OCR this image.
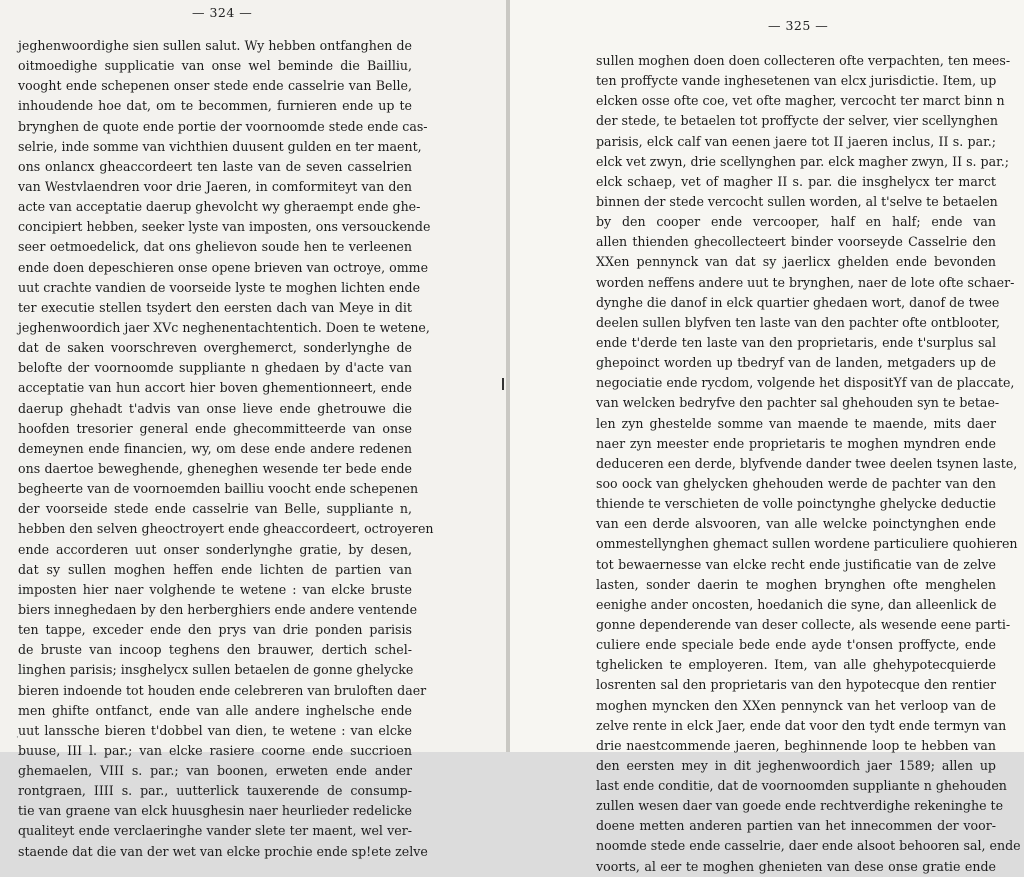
— 324 —
jeghenwoordighe sien sullen salut. Wy hebben ontfanghen de
oitmoedighe supplicatie van onse wel beminde die Bailliu,
vooght ende schepenen onser stede ende casselrie van Belle,
inhoudende hoe dat, om te becommen, furnieren ende up te
brynghen de quote ende portie der voornoomde stede ende cas-
selrie, inde somme van vichthien duusent gulden en ter maent,
ons onlancx gheaccordeert ten laste van de seven casselrien
van Westvlaendren voor drie Jaeren, in comformiteyt van den
acte van acceptatie daerup ghevolcht wy gheraempt ende ghe-
concipiert hebben, seeker lyste van imposten, ons versouckende
seer oetmoedelick, dat ons ghelievon soude hen te verleenen
ende doen depeschieren onse opene brieven van octroye, omme
uut crachte vandien de voorseide lyste te moghen lichten ende
ter executie stellen tsydert den eersten dach van Meye in dit
jeghenwoordich jaer XVc neghenentachtentich. Doen te wetene,
dat de saken voorschreven overghemerct, sonderlynghe de
belofte der voornoomde suppliante n ghedaen by d'acte van
acceptatie van hun accort hier boven ghementionneert, ende
daerup ghehadt t'advis van onse lieve ende ghetrouwe die
hoofden tresorier general ende ghecommitteerde van onse
demeynen ende financien, wy, om dese ende andere redenen
ons daertoe beweghende, gheneghen wesende ter bede ende
begheerte van de voornoemden bailliu voocht ende schepenen
der voorseide stede ende casselrie van Belle, suppliante n,
hebben den selven gheoctroyert ende gheaccordeert, octroyeren
ende accorderen uut onser sonderlynghe gratie, by desen,
dat sy sullen moghen heffen ende lichten de partien van
imposten hier naer volghende te wetene : van elcke bruste
biers inneghedaen by den herberghiers ende andere ventende
ten tappe, exceder ende den prys van drie ponden parisis
de bruste van incoop teghens den brauwer, dertich schel-
linghen parisis; insghelycx sullen betaelen de gonne ghelycke
bieren indoende tot houden ende celebreren van bruloften daer
men ghifte ontfanct, ende van alle andere inghelsche ende
uut lanssche bieren t'dobbel van dien, te wetene : van elcke
buuse, III l. par.; van elcke rasiere coorne ende succrioen
ghemaelen, VIII s. par.; van boonen, erweten ende ander
rontgraen, IIII s. par., uutterlick tauxerende de consump-
tie van graene van elck huusghesin naer heurlieder redelicke
qualiteyt ende verclaeringhe vander slete ter maent, wel ver-
staende dat die van der wet van elcke prochie ende sp!ete zelve
·
— 325 —
sullen moghen doen doen collecteren ofte verpachten, ten mees-
ten proffycte vande inghesetenen van elcx jurisdictie. Item, up
elcken osse ofte coe, vet ofte magher, vercocht ter marct binn n
der stede, te betaelen tot proffycte der selver, vier scellynghen
parisis, elck calf van eenen jaere tot II jaeren inclus, II s. par.;
elck vet zwyn, drie scellynghen par. elck magher zwyn, II s. par.;
elck schaep, vet of magher II s. par. die insghelycx ter marct
binnen der stede vercocht sullen worden, al t'selve te betaelen
by den cooper ende vercooper, half en half; ende van
allen thienden ghecollecteert binder voorseyde Casselrie den
XXen pennynck van dat sy jaerlicx ghelden ende bevonden
worden neffens andere uut te brynghen, naer de lote ofte schaer-
dynghe die danof in elck quartier ghedaen wort, danof de twee
deelen sullen blyfven ten laste van den pachter ofte ontblooter,
ende t'derde ten laste van den proprietaris, ende t'surplus sal
ghepoinct worden up tbedryf van de landen, metgaders up de
negociatie ende rycdom, volgende het dispositYf van de placcate,
van welcken bedryfve den pachter sal ghehouden syn te betae-
len zyn ghestelde somme van maende te maende, mits daer
naer zyn meester ende proprietaris te moghen myndren ende
deduceren een derde, blyfvende dander twee deelen tsynen laste,
soo oock van ghelycken ghehouden werde de pachter van den
thiende te verschieten de volle poinctynghe ghelycke deductie
van een derde alsvooren, van alle welcke poinctynghen ende
ommestellynghen ghemact sullen wordene particuliere quohieren
tot bewaernesse van elcke recht ende justificatie van de zelve
lasten, sonder daerin te moghen brynghen ofte menghelen
eenighe ander oncosten, hoedanich die syne, dan alleenlick de
gonne dependerende van deser collecte, als wesende eene parti-
culiere ende speciale bede ende ayde t'onsen proffycte, ende
tghelicken te employeren. Item, van alle ghehypotecquierde
losrenten sal den proprietaris van den hypotecque den rentier
moghen myncken den XXen pennynck van het verloop van de
zelve rente in elck Jaer, ende dat voor den tydt ende termyn van
drie naestcommende jaeren, beghinnende loop te hebben van
den eersten mey in dit jeghenwoordich jaer 1589; allen up
last ende conditie, dat de voornoomden suppliante n ghehouden
zullen wesen daer van goede ende rechtverdighe rekeninghe te
doene metten anderen partien van het innecommen der voor-
noomde stede ende casselrie, daer ende alsoot behooren sal, ende
voorts, al eer te moghen ghenieten van dese onse gratie ende
